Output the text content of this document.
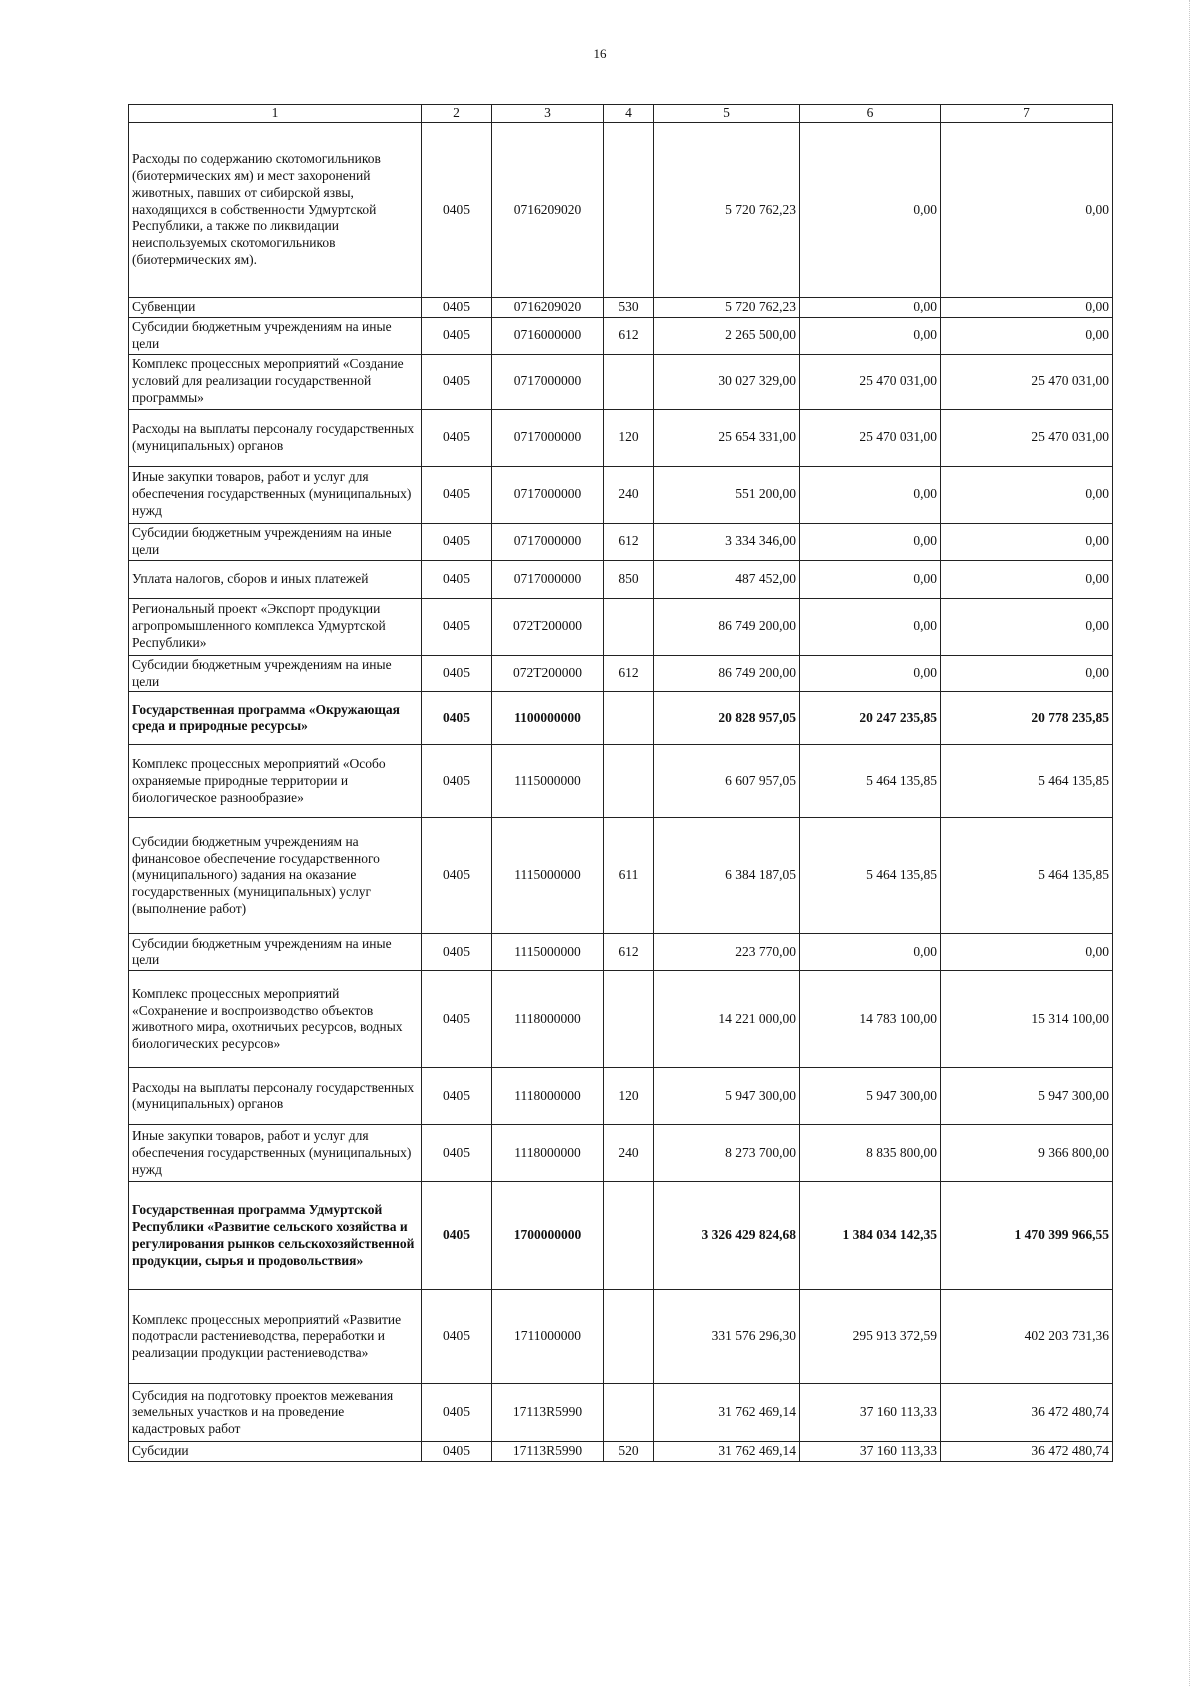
16
1	2	3	4	5	6	7
Расходы по содержанию скотомогильников (биотермических ям) и мест захоронений животных, павших от сибирской язвы, находящихся в собственности Удмуртской Республики, а также по ликвидации неиспользуемых скотомогильников (биотермических ям).	0405	0716209020		5 720 762,23	0,00	0,00
Субвенции	0405	0716209020	530	5 720 762,23	0,00	0,00
Субсидии бюджетным учреждениям на иные цели	0405	0716000000	612	2 265 500,00	0,00	0,00
Комплекс процессных мероприятий «Создание условий для реализации государственной программы»	0405	0717000000		30 027 329,00	25 470 031,00	25 470 031,00
Расходы на выплаты персоналу государственных (муниципальных) органов	0405	0717000000	120	25 654 331,00	25 470 031,00	25 470 031,00
Иные закупки товаров, работ и услуг для обеспечения государственных (муниципальных) нужд	0405	0717000000	240	551 200,00	0,00	0,00
Субсидии бюджетным учреждениям на иные цели	0405	0717000000	612	3 334 346,00	0,00	0,00
Уплата налогов, сборов и иных платежей	0405	0717000000	850	487 452,00	0,00	0,00
Региональный проект «Экспорт продукции агропромышленного комплекса Удмуртской Республики»	0405	072T200000		86 749 200,00	0,00	0,00
Субсидии бюджетным учреждениям на иные цели	0405	072T200000	612	86 749 200,00	0,00	0,00
Государственная программа «Окружающая среда и природные ресурсы»	0405	1100000000		20 828 957,05	20 247 235,85	20 778 235,85
Комплекс процессных мероприятий «Особо охраняемые природные территории и биологическое разнообразие»	0405	1115000000		6 607 957,05	5 464 135,85	5 464 135,85
Субсидии бюджетным учреждениям на финансовое обеспечение государственного (муниципального) задания на оказание государственных (муниципальных) услуг (выполнение работ)	0405	1115000000	611	6 384 187,05	5 464 135,85	5 464 135,85
Субсидии бюджетным учреждениям на иные цели	0405	1115000000	612	223 770,00	0,00	0,00
Комплекс процессных мероприятий «Сохранение и воспроизводство объектов животного мира, охотничьих ресурсов, водных биологических ресурсов»	0405	1118000000		14 221 000,00	14 783 100,00	15 314 100,00
Расходы на выплаты персоналу государственных (муниципальных) органов	0405	1118000000	120	5 947 300,00	5 947 300,00	5 947 300,00
Иные закупки товаров, работ и услуг для обеспечения государственных (муниципальных) нужд	0405	1118000000	240	8 273 700,00	8 835 800,00	9 366 800,00
Государственная программа Удмуртской Республики «Развитие сельского хозяйства и регулирования рынков сельскохозяйственной продукции, сырья и продовольствия»	0405	1700000000		3 326 429 824,68	1 384 034 142,35	1 470 399 966,55
Комплекс процессных мероприятий «Развитие подотрасли растениеводства, переработки и реализации продукции растениеводства»	0405	1711000000		331 576 296,30	295 913 372,59	402 203 731,36
Субсидия на подготовку проектов межевания земельных участков и на проведение кадастровых работ	0405	17113R5990		31 762 469,14	37 160 113,33	36 472 480,74
Субсидии	0405	17113R5990	520	31 762 469,14	37 160 113,33	36 472 480,74
